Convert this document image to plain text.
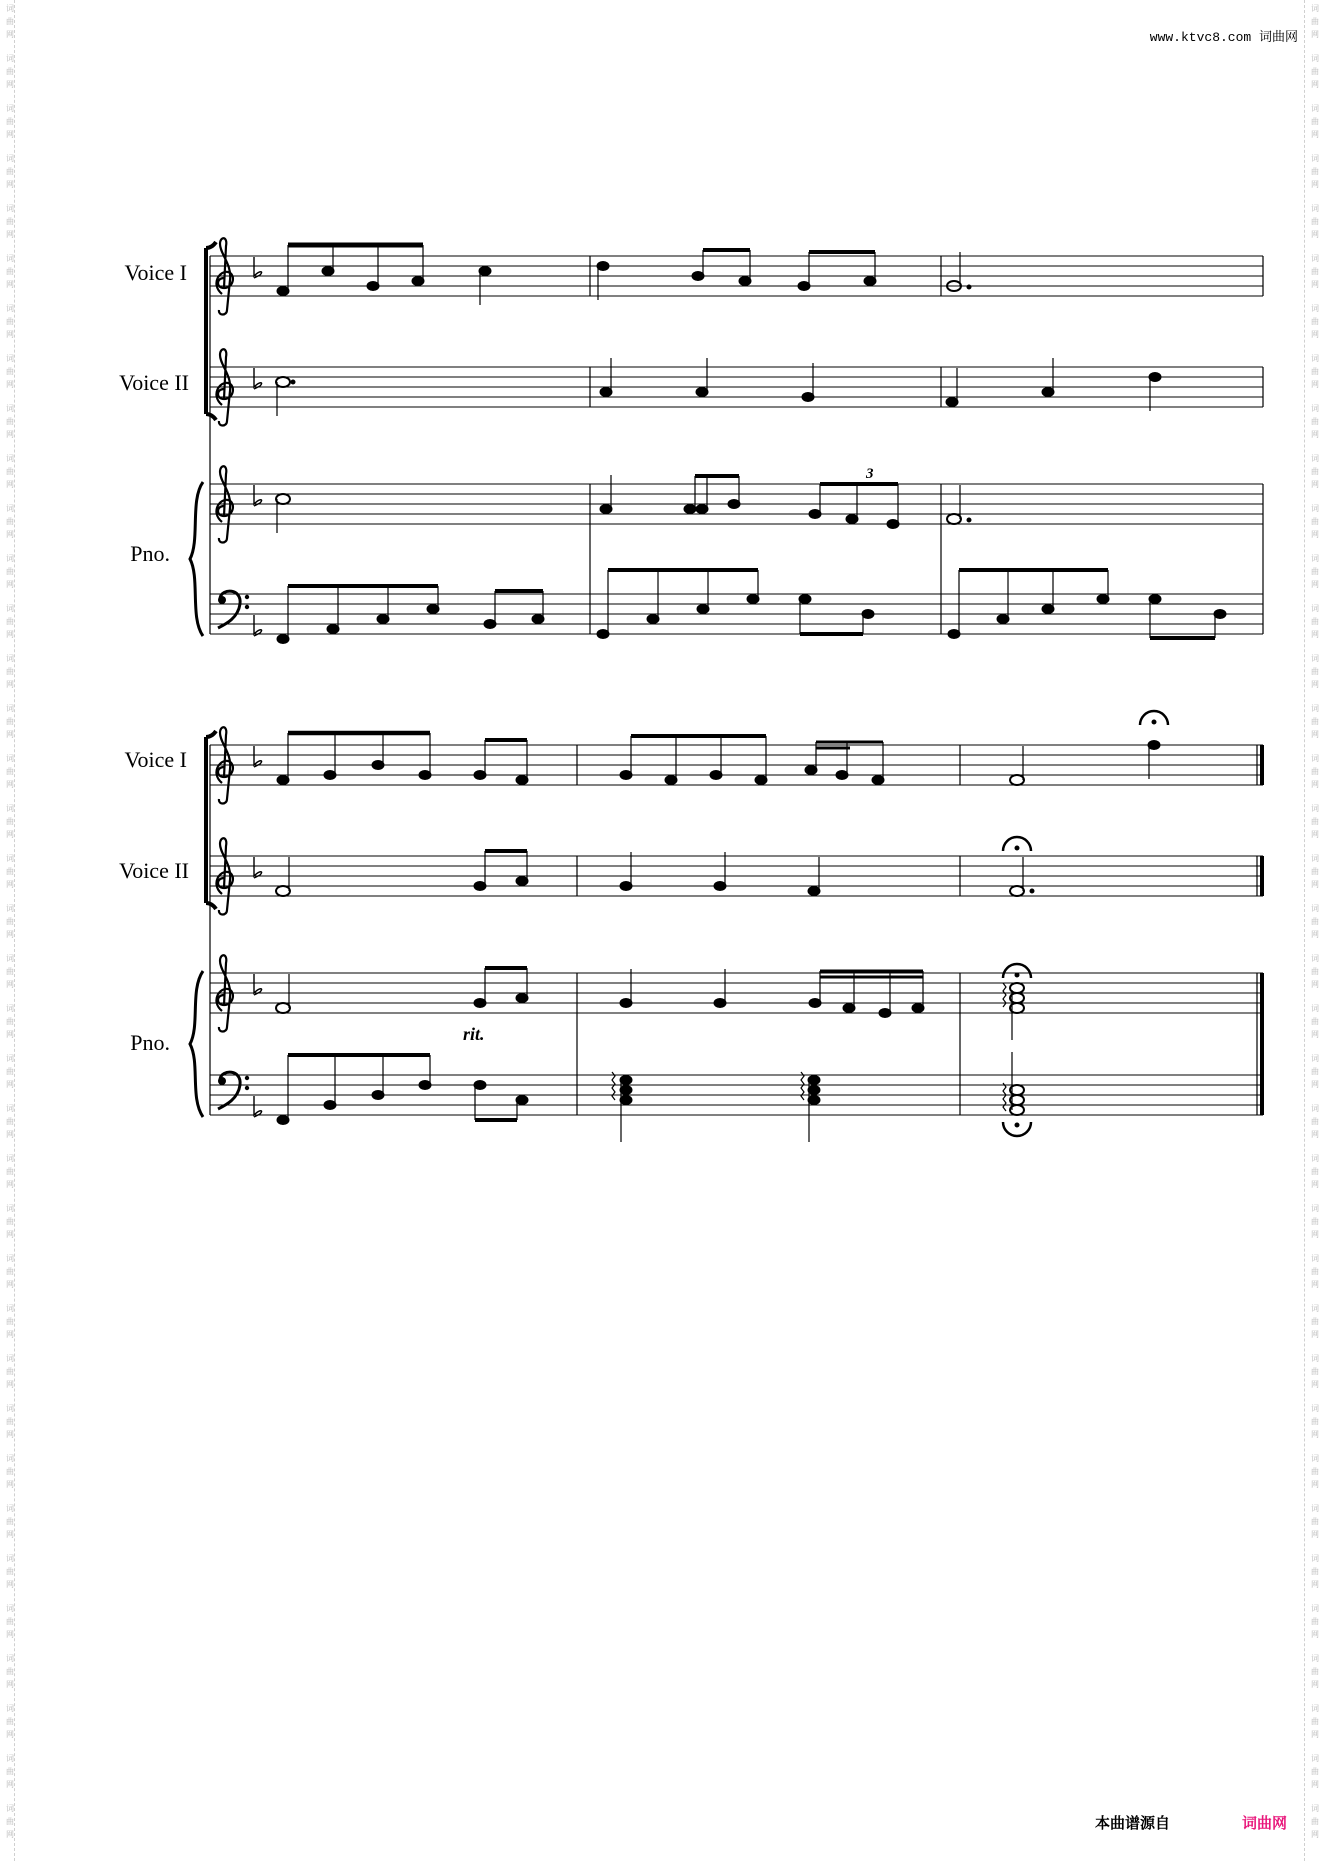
词
曲
网
词
曲
网
词
曲
网
词
曲
网
词
曲
网
词
曲
网
词
曲
网
词
曲
网
词
曲
网
词
曲
网
词
曲
网
词
曲
网
词
曲
网
词
曲
网
词
曲
网
词
曲
网
词
曲
网
词
曲
网
词
曲
网
词
曲
网
词
曲
网
词
曲
网
词
曲
网
词
曲
网
词
曲
网
词
曲
网
词
曲
网
词
曲
网
词
曲
网
词
曲
网
词
曲
网
词
曲
网
词
曲
网
词
曲
网
词
曲
网
词
曲
网
词
曲
网
词
曲
网
词
曲
网
词
曲
网
词
曲
网
词
曲
网
词
曲
网
词
曲
网
词
曲
网
词
曲
网
词
曲
网
词
曲
网
词
曲
网
词
曲
网
词
曲
网
词
曲
网
词
曲
网
词
曲
网
词
曲
网
词
曲
网
词
曲
网
词
曲
网
词
曲
网
词
曲
网
词
曲
网
词
曲
网
词
曲
网
词
曲
网
词
曲
网
词
曲
网
词
曲
网
词
曲
网
词
曲
网
词
曲
网
词
曲
网
词
曲
网
词
曲
网
词
曲
网
www.ktvc8.com 词曲网
Voice I
Voice II
Pno.
3
Voice I
Voice II
Pno.	rit.
本曲谱源自	词曲网
